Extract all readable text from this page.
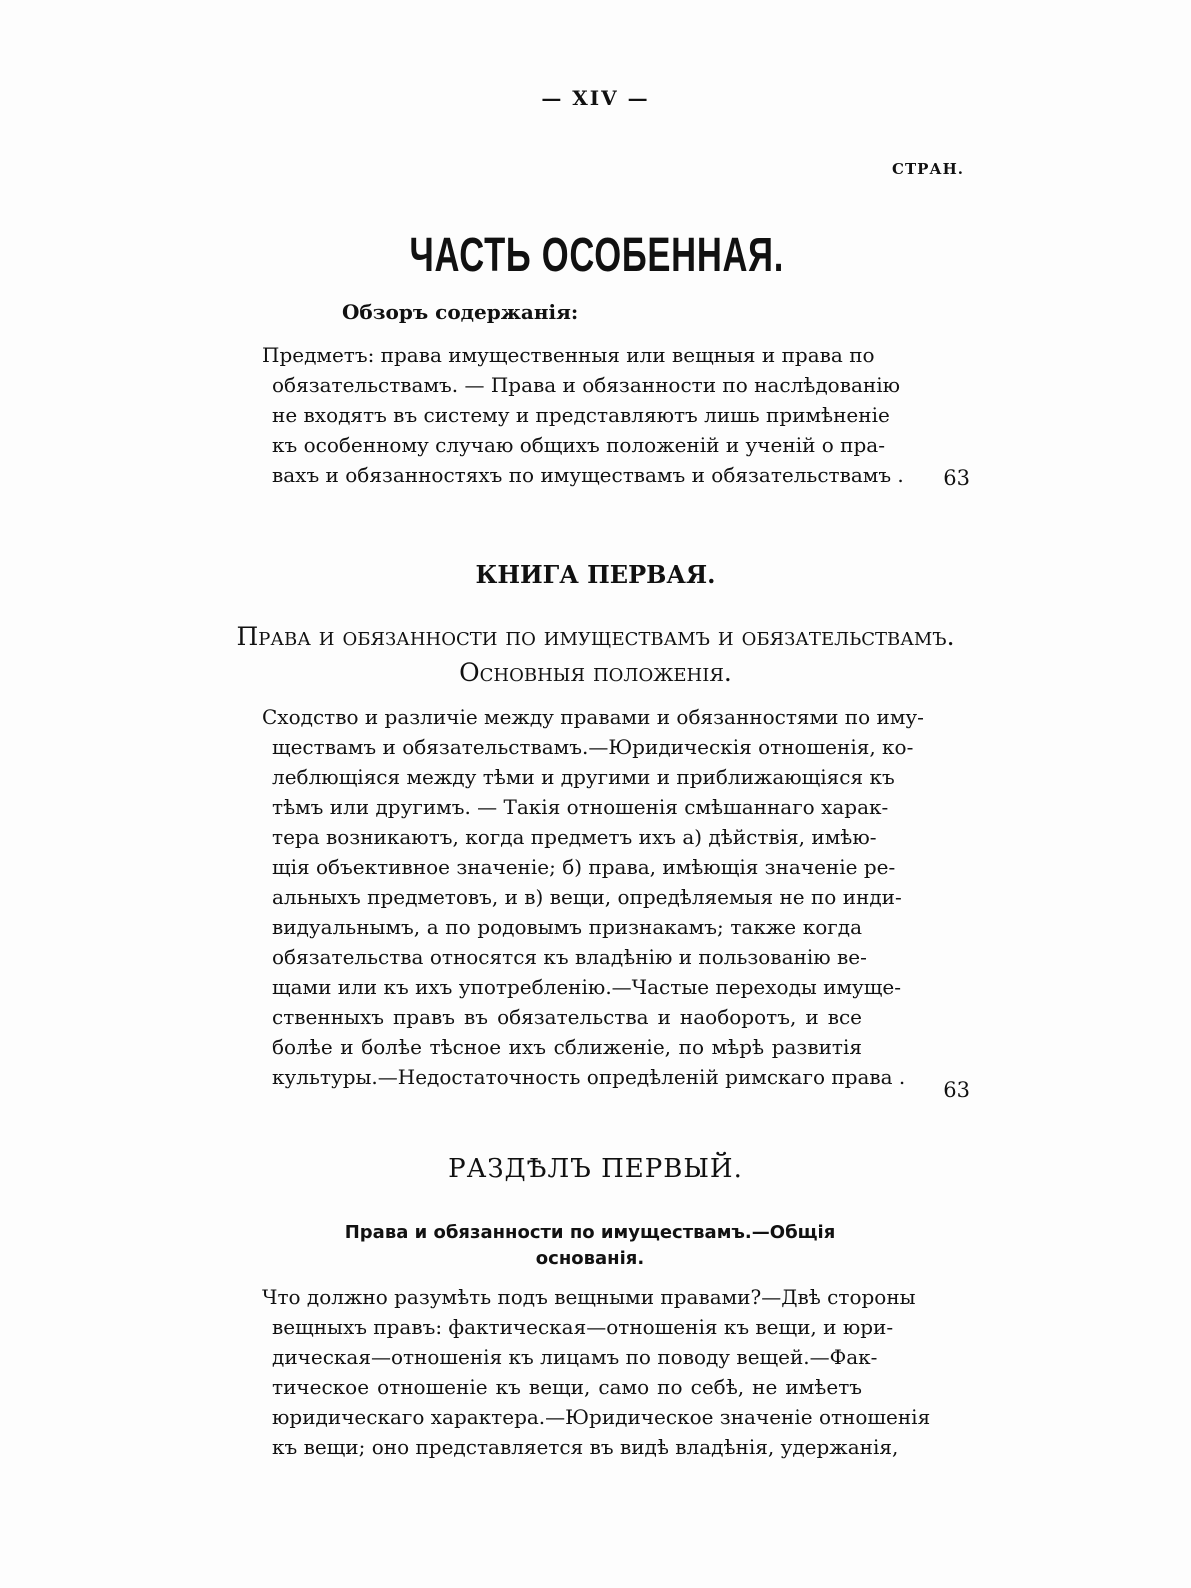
— XIV —
СТРАН.
ЧАСТЬ ОСОБЕННАЯ.
Обзоръ содержанія:
Предметъ: права имущественныя или вещныя и права по
обязательствамъ. — Права и обязанности по наслѣдованію
не входятъ въ систему и представляютъ лишь примѣненіе
къ особенному случаю общихъ положеній и ученій о пра-
вахъ и обязанностяхъ по имуществамъ и обязательствамъ .	63
КНИГА ПЕРВАЯ.
Права и обязанности по имуществамъ и обязательствамъ.
Основныя положенія.
Сходство и различіе между правами и обязанностями по иму-
ществамъ и обязательствамъ.—Юридическія отношенія, ко-
леблющіяся между тѣми и другими и приближающіяся къ
тѣмъ или другимъ. — Такія отношенія смѣшаннаго харак-
тера возникаютъ, когда предметъ ихъ а) дѣйствія, имѣю-
щія объективное значеніе; б) права, имѣющія значеніе ре-
альныхъ предметовъ, и в) вещи, опредѣляемыя не по инди-
видуальнымъ, а по родовымъ признакамъ; также когда
обязательства относятся къ владѣнію и пользованію ве-
щами или къ ихъ употребленію.—Частые переходы имуще-
ственныхъ правъ въ обязательства и наоборотъ, и все
болѣе и болѣе тѣсное ихъ сближеніе, по мѣрѣ развитія
культуры.—Недостаточность опредѣленій римскаго права .
63
РАЗДѢЛЪ ПЕРВЫЙ.
Права и обязанности по имуществамъ.—Общія
основанія.
Что должно разумѣть подъ вещными правами?—Двѣ стороны
вещныхъ правъ: фактическая—отношенія къ вещи, и юри-
дическая—отношенія къ лицамъ по поводу вещей.—Фак-
тическое отношеніе къ вещи, само по себѣ, не имѣетъ
юридическаго характера.—Юридическое значеніе отношенія
къ вещи; оно представляется въ видѣ владѣнія, удержанія,
